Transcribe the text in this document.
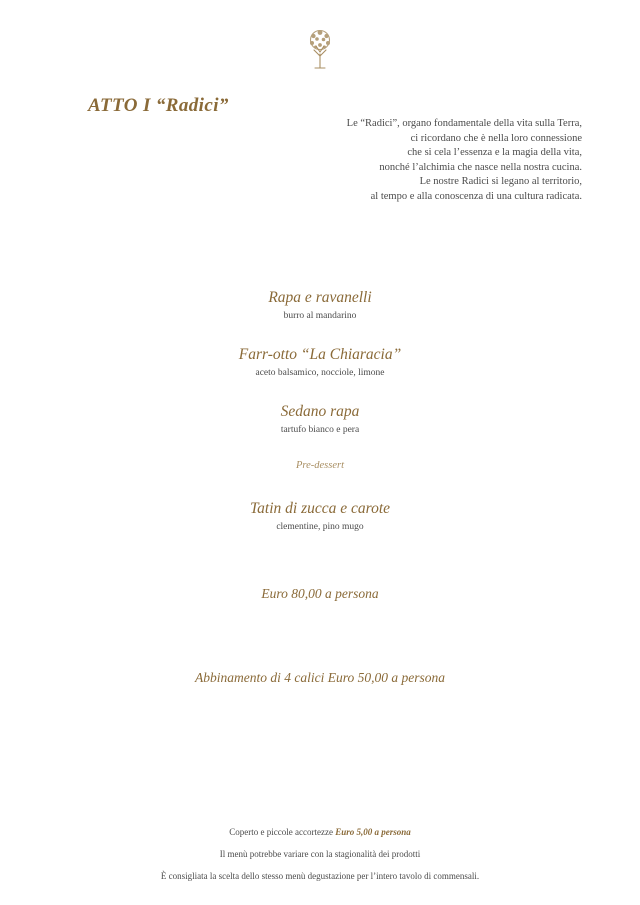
ATTO I “Radici”
Le “Radici”, organo fondamentale della vita sulla Terra,
ci ricordano che è nella loro connessione
che si cela l’essenza e la magia della vita,
nonché l’alchimia che nasce nella nostra cucina.
Le nostre Radici si legano al territorio,
al tempo e alla conoscenza di una cultura radicata.
Rapa e ravanelli
burro al mandarino
Farr-otto “La Chiaracia”
aceto balsamico, nocciole, limone
Sedano rapa
tartufo bianco e pera
Pre-dessert
Tatin di zucca e carote
clementine, pino mugo
Euro 80,00 a persona
Abbinamento di 4 calici Euro 50,00 a persona
Coperto e piccole accortezze Euro 5,00 a persona
Il menù potrebbe variare con la stagionalità dei prodotti
È consigliata la scelta dello stesso menù degustazione per l’intero tavolo di commensali.
